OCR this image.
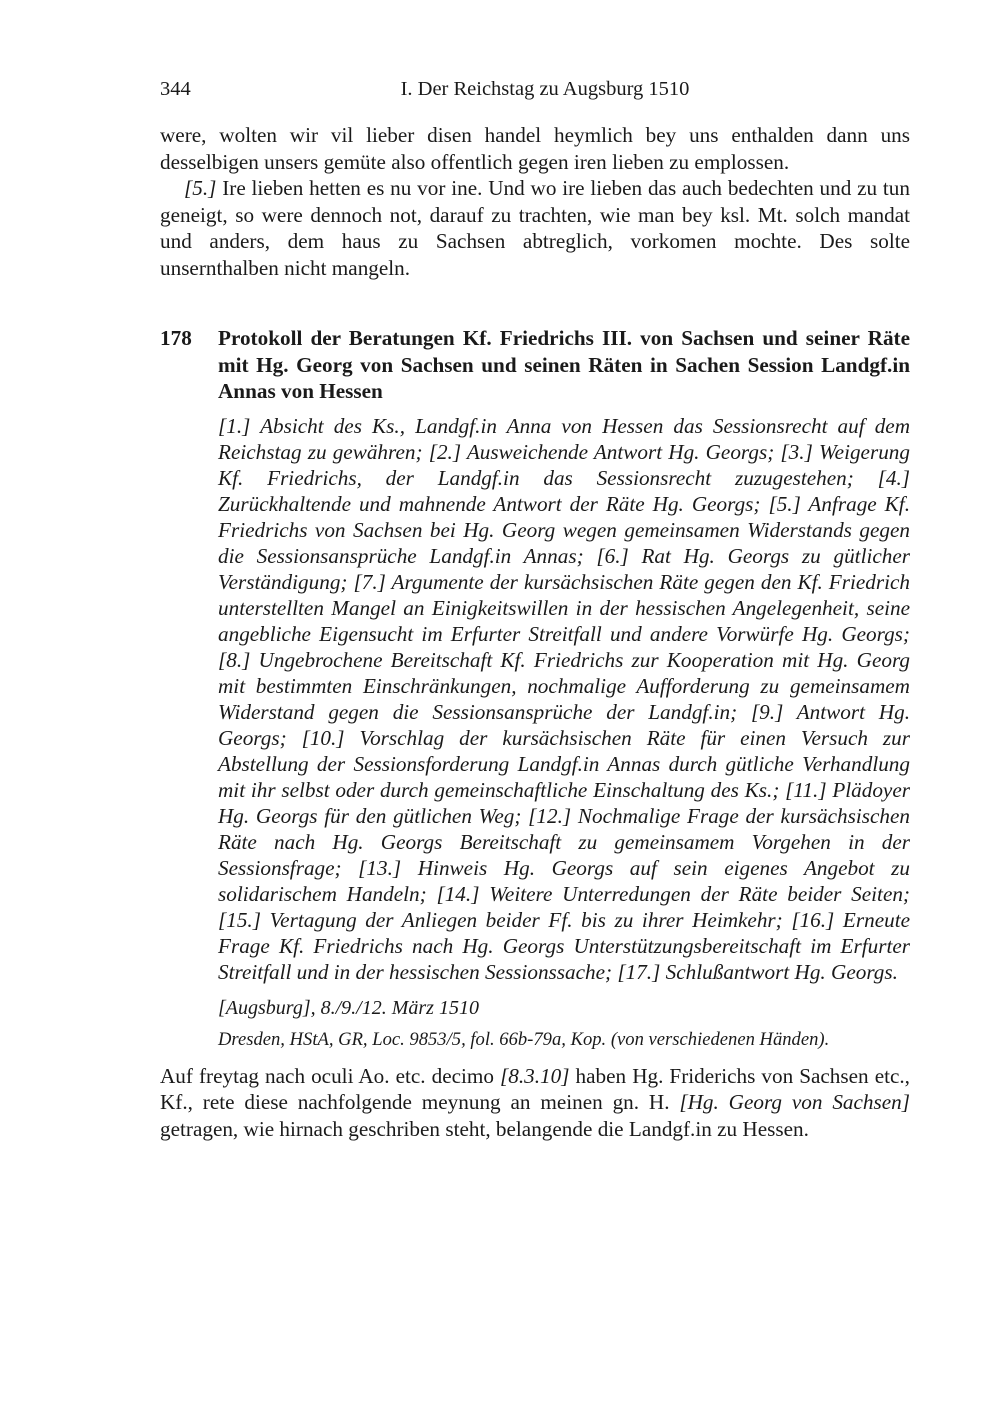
344	I. Der Reichstag zu Augsburg 1510

were, wolten wir vil lieber disen handel heymlich bey uns enthalden dann uns desselbigen unsers gemüte also offentlich gegen iren lieben zu emplossen.

[5.] Ire lieben hetten es nu vor ine. Und wo ire lieben das auch bedechten und zu tun geneigt, so were dennoch not, darauf zu trachten, wie man bey ksl. Mt. solch mandat und anders, dem haus zu Sachsen abtreglich, vorkomen mochte. Des solte unsernthalben nicht mangeln.

178	Protokoll der Beratungen Kf. Friedrichs III. von Sachsen und seiner Räte mit Hg. Georg von Sachsen und seinen Räten in Sachen Session Landgf.in Annas von Hessen

[1.] Absicht des Ks., Landgf.in Anna von Hessen das Sessionsrecht auf dem Reichstag zu gewähren; [2.] Ausweichende Antwort Hg. Georgs; [3.] Weigerung Kf. Friedrichs, der Landgf.in das Sessionsrecht zuzugestehen; [4.] Zurückhaltende und mahnende Antwort der Räte Hg. Georgs; [5.] Anfrage Kf. Friedrichs von Sachsen bei Hg. Georg wegen gemeinsamen Widerstands gegen die Sessionsansprüche Landgf.in Annas; [6.] Rat Hg. Georgs zu gütlicher Verständigung; [7.] Argumente der kursächsischen Räte gegen den Kf. Friedrich unterstellten Mangel an Einigkeitswillen in der hessischen Angelegenheit, seine angebliche Eigensucht im Erfurter Streitfall und andere Vorwürfe Hg. Georgs; [8.] Ungebrochene Bereitschaft Kf. Friedrichs zur Kooperation mit Hg. Georg mit bestimmten Einschränkungen, nochmalige Aufforderung zu gemeinsamem Widerstand gegen die Sessionsansprüche der Landgf.in; [9.] Antwort Hg. Georgs; [10.] Vorschlag der kursächsischen Räte für einen Versuch zur Abstellung der Sessionsforderung Landgf.in Annas durch gütliche Verhandlung mit ihr selbst oder durch gemeinschaftliche Einschaltung des Ks.; [11.] Plädoyer Hg. Georgs für den gütlichen Weg; [12.] Nochmalige Frage der kursächsischen Räte nach Hg. Georgs Bereitschaft zu gemeinsamem Vorgehen in der Sessionsfrage; [13.] Hinweis Hg. Georgs auf sein eigenes Angebot zu solidarischem Handeln; [14.] Weitere Unterredungen der Räte beider Seiten; [15.] Vertagung der Anliegen beider Ff. bis zu ihrer Heimkehr; [16.] Erneute Frage Kf. Friedrichs nach Hg. Georgs Unterstützungsbereitschaft im Erfurter Streitfall und in der hessischen Sessionssache; [17.] Schlußantwort Hg. Georgs.

[Augsburg], 8./9./12. März 1510

Dresden, HStA, GR, Loc. 9853/5, fol. 66b-79a, Kop. (von verschiedenen Händen).

Auf freytag nach oculi Ao. etc. decimo [8.3.10] haben Hg. Friderichs von Sachsen etc., Kf., rete diese nachfolgende meynung an meinen gn. H. [Hg. Georg von Sachsen] getragen, wie hirnach geschriben steht, belangende die Landgf.in zu Hessen.
